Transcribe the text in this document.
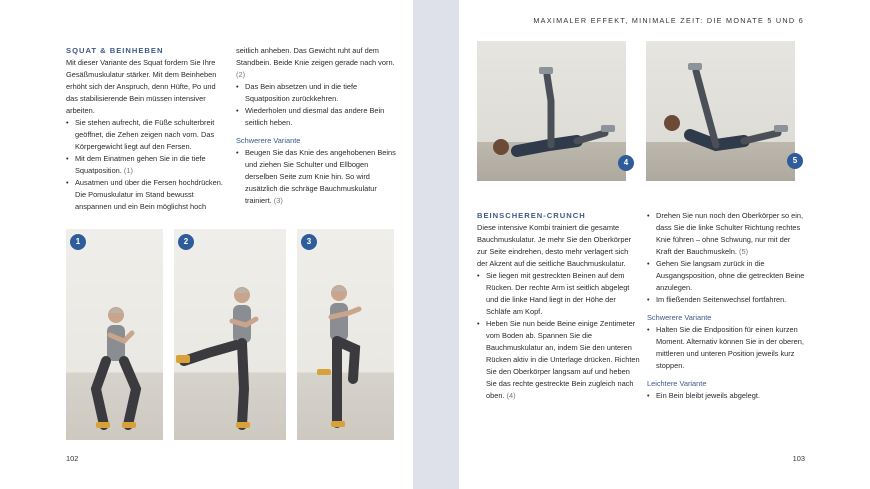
SQUAT & BEINHEBEN

Mit dieser Variante des Squat fordern Sie Ihre Gesäßmuskulatur stärker. Mit dem Beinheben erhöht sich der Anspruch, denn Hüfte, Po und das stabilisierende Bein müssen intensiver arbeiten.

• Sie stehen aufrecht, die Füße schulterbreit geöffnet, die Zehen zeigen nach vorn. Das Körpergewicht liegt auf den Fersen.
• Mit dem Einatmen gehen Sie in die tiefe Squatposition. (1)
• Ausatmen und über die Fersen hochdrücken. Die Pomuskulatur im Stand bewusst anspannen und ein Bein möglichst hoch

seitlich anheben. Das Gewicht ruht auf dem Standbein. Beide Knie zeigen gerade nach vorn. (2)

• Das Bein absetzen und in die tiefe Squatposition zurückkehren.
• Wiederholen und diesmal das andere Bein seitlich heben.
Schwerere Variante
• Beugen Sie das Knie des angehobenen Beins und ziehen Sie Schulter und Ellbogen derselben Seite zum Knie hin. So wird zusätzlich die schräge Bauchmuskulatur trainiert. (3)
1	2	3
102
MAXIMALER EFFEKT, MINIMALE ZEIT: DIE MONATE 5 UND 6
4	5
BEINSCHEREN-CRUNCH

Diese intensive Kombi trainiert die gesamte Bauchmuskulatur. Je mehr Sie den Oberkörper zur Seite eindrehen, desto mehr verlagert sich der Akzent auf die seitliche Bauchmuskulatur.

• Sie liegen mit gestreckten Beinen auf dem Rücken. Der rechte Arm ist seitlich abgelegt und die linke Hand liegt in der Höhe der Schläfe am Kopf.
• Heben Sie nun beide Beine einige Zentimeter vom Boden ab. Spannen Sie die Bauchmuskulatur an, indem Sie den unteren Rücken aktiv in die Unterlage drücken. Richten Sie den Oberkörper langsam auf und heben Sie das rechte gestreckte Bein zugleich nach oben. (4)
• Drehen Sie nun noch den Oberkörper so ein, dass Sie die linke Schulter Richtung rechtes Knie führen – ohne Schwung, nur mit der Kraft der Bauchmuskeln. (5)
• Gehen Sie langsam zurück in die Ausgangsposition, ohne die getreckten Beine anzulegen.
• Im fließenden Seitenwechsel fortfahren.
Schwerere Variante
• Halten Sie die Endposition für einen kurzen Moment. Alternativ können Sie in der oberen, mittleren und unteren Position jeweils kurz stoppen.
Leichtere Variante
• Ein Bein bleibt jeweils abgelegt.
103
